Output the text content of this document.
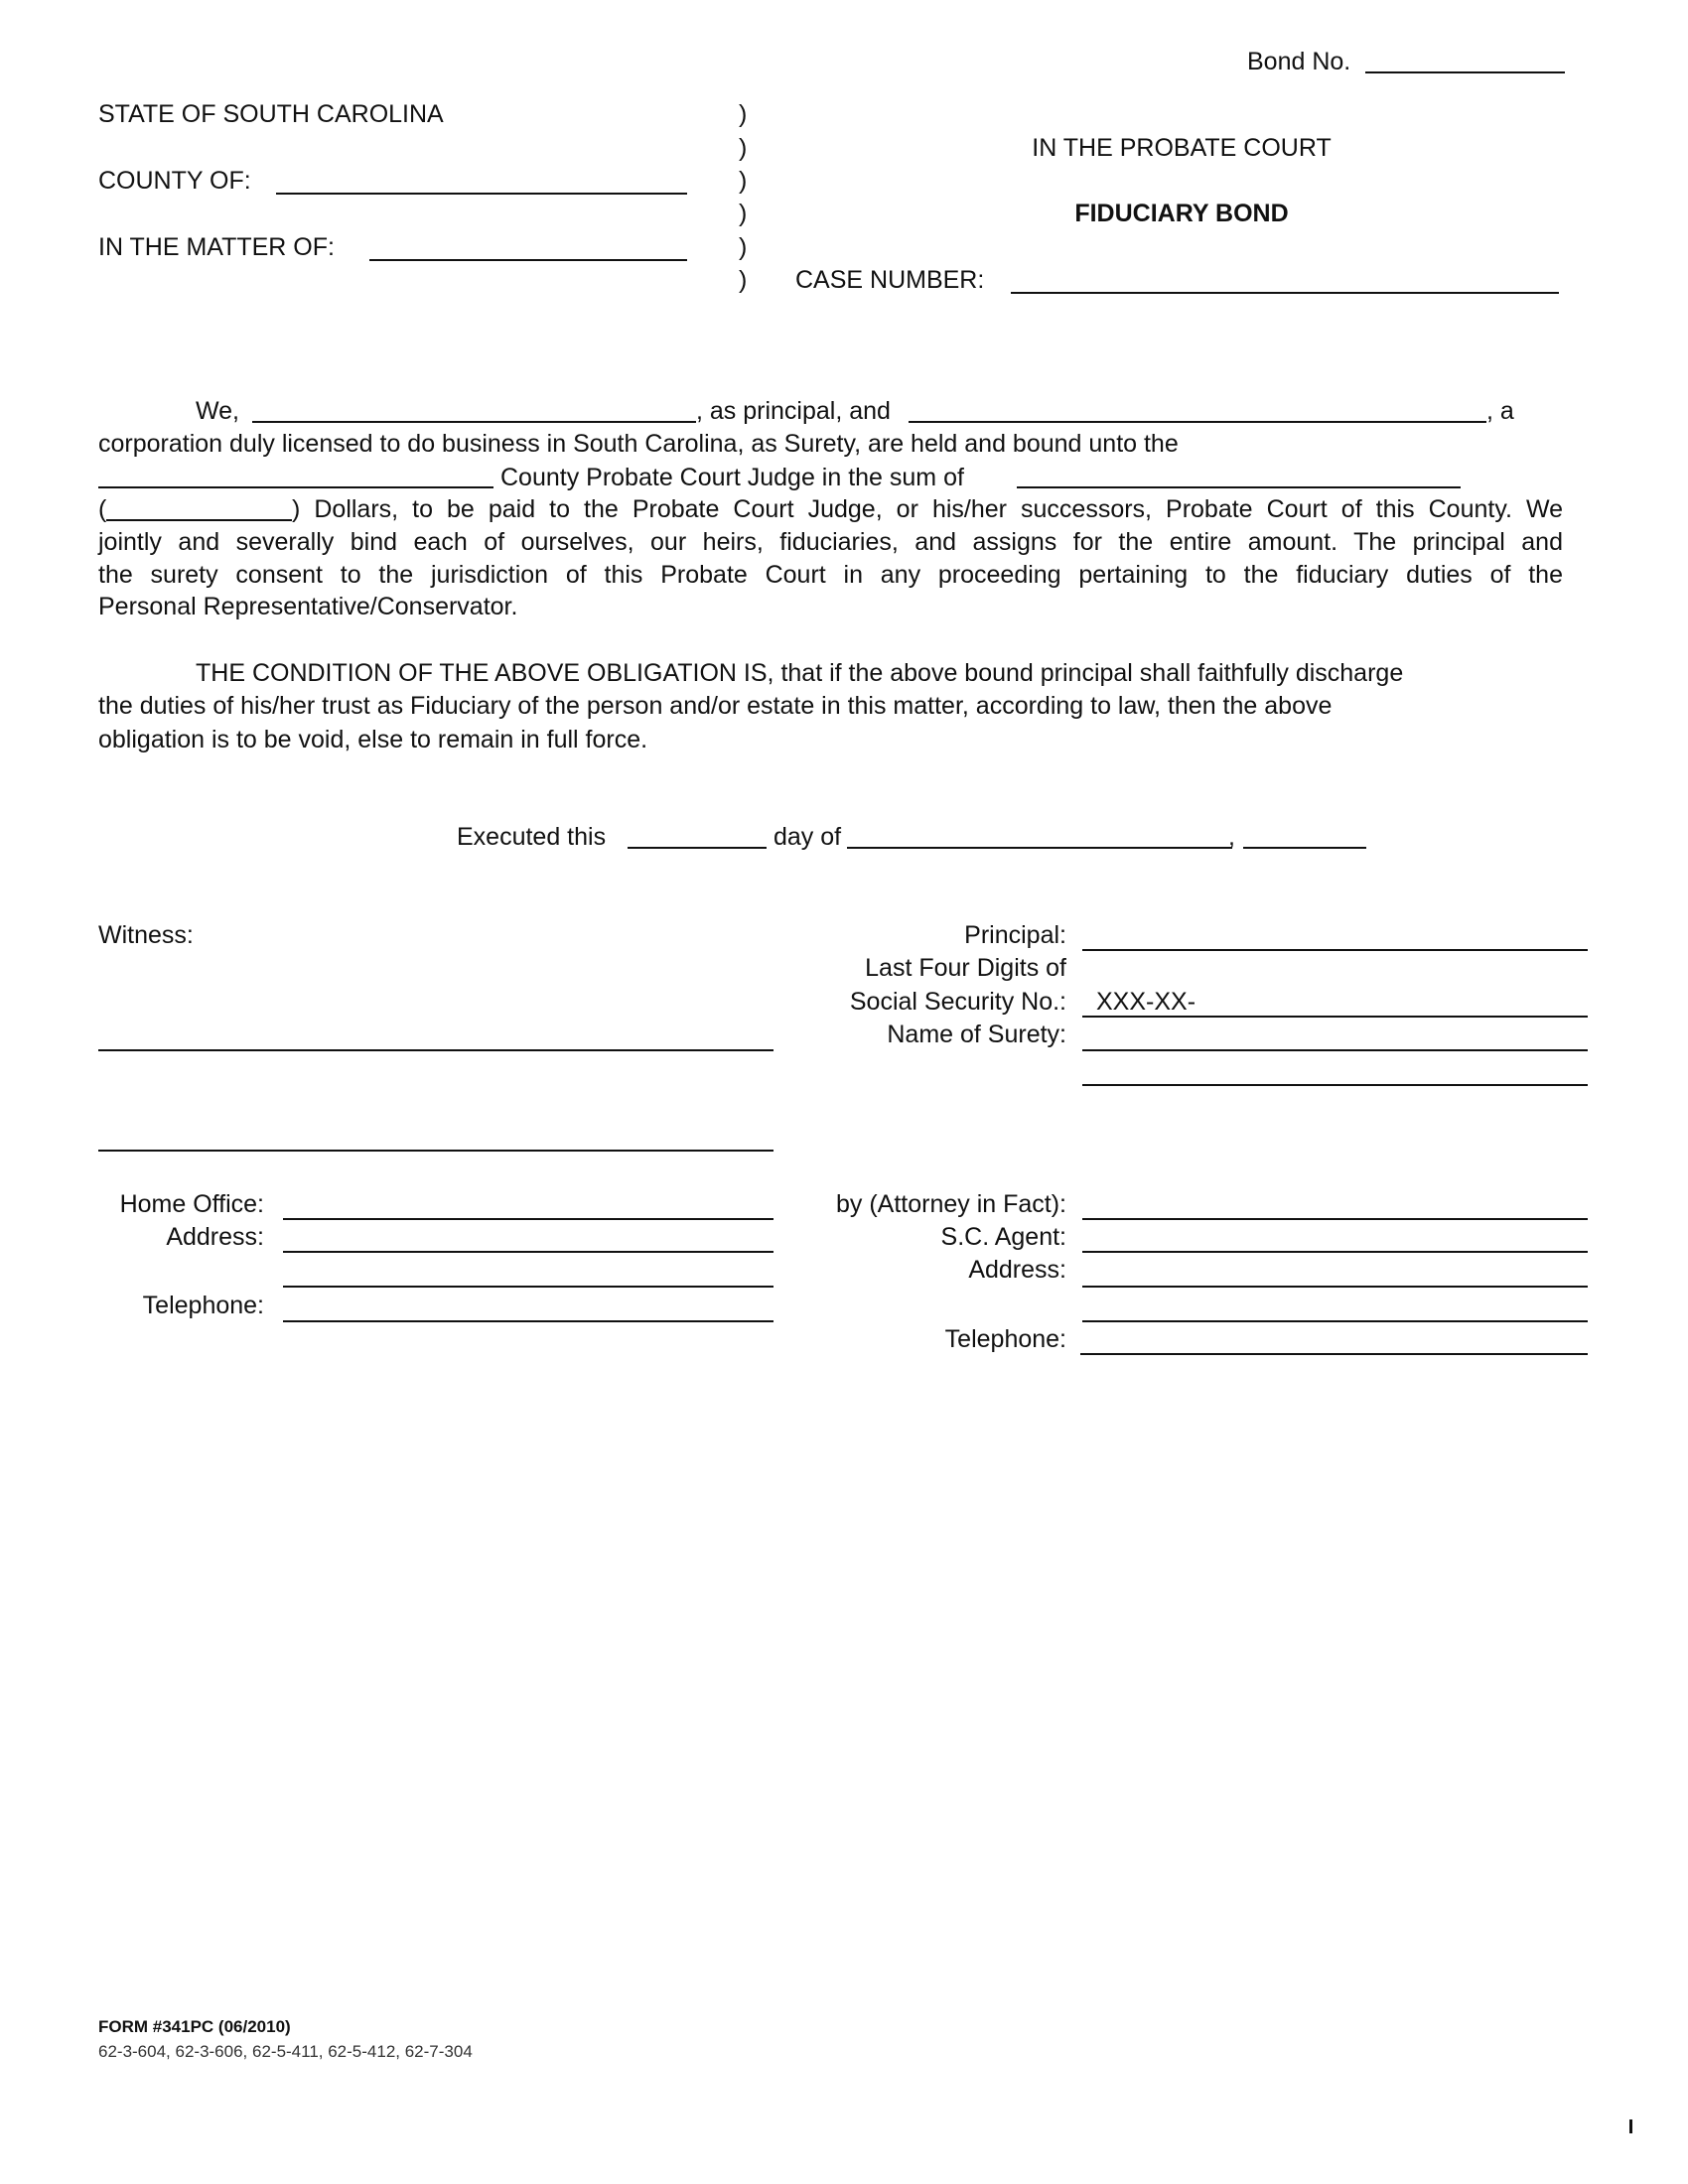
Bond No.
STATE OF SOUTH CAROLINA
COUNTY OF:
IN THE MATTER OF:
)
)
)
)
)
)
IN THE PROBATE COURT
FIDUCIARY BOND
CASE NUMBER:
We,	, as principal, and	, a
corporation duly licensed to do business in South Carolina, as Surety, are held and bound unto the
County Probate Court Judge in the sum of
(	) Dollars, to be paid to the Probate Court Judge, or his/her successors, Probate Court of this County. We
jointly and severally bind each of ourselves, our heirs, fiduciaries, and assigns for the entire amount. The principal and
the surety consent to the jurisdiction of this Probate Court in any proceeding pertaining to the fiduciary duties of the
Personal Representative/Conservator.
THE CONDITION OF THE ABOVE OBLIGATION IS, that if the above bound principal shall faithfully discharge
the duties of his/her trust as Fiduciary of the person and/or estate in this matter, according to law, then the above
obligation is to be void, else to remain in full force.
Executed this	day of	,
Witness:
Home Office:
Address:
Telephone:
Principal:
Last Four Digits of
Social Security No.: XXX-XX-
Name of Surety:
by (Attorney in Fact):
S.C. Agent:
Address:
Telephone:
FORM #341PC (06/2010)
62-3-604, 62-3-606, 62-5-411, 62-5-412, 62-7-304
